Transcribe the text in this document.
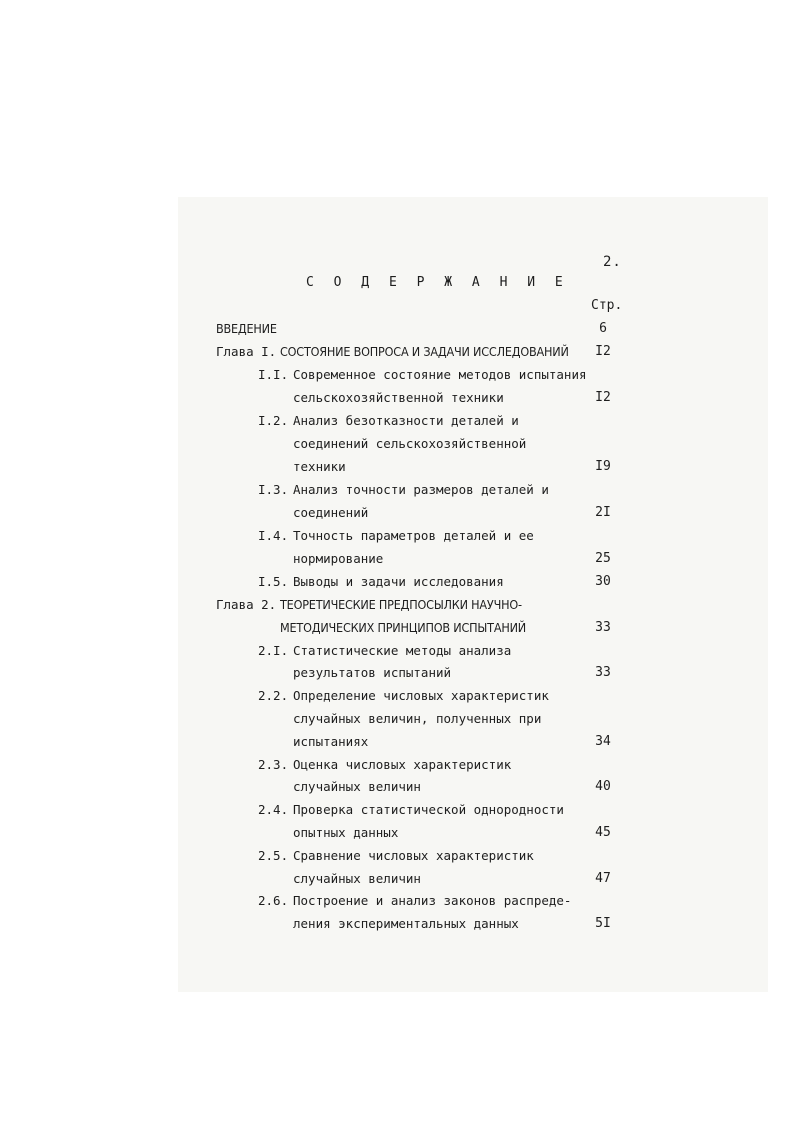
2.
С О Д Е Р Ж А Н И Е
Стр.
ВВЕДЕНИЕ	6
Глава I. СОСТОЯНИЕ ВОПРОСА И ЗАДАЧИ ИССЛЕДОВАНИЙ	I2
I.I. Современное состояние методов испытания
сельскохозяйственной техники	I2
I.2. Анализ безотказности деталей и
соединений сельскохозяйственной
техники	I9
I.3. Анализ точности размеров деталей и
соединений	2I
I.4. Точность параметров деталей и ее
нормирование	25
I.5. Выводы и задачи исследования	30
Глава 2. ТЕОРЕТИЧЕСКИЕ ПРЕДПОСЫЛКИ НАУЧНО-
МЕТОДИЧЕСКИХ ПРИНЦИПОВ ИСПЫТАНИЙ	33
2.I. Статистические методы анализа
результатов испытаний	33
2.2. Определение числовых характеристик
случайных величин, полученных при
испытаниях	34
2.3. Оценка числовых характеристик
случайных величин	40
2.4. Проверка статистической однородности
опытных данных	45
2.5. Сравнение числовых характеристик
случайных величин	47
2.6. Построение и анализ законов распреде-
ления экспериментальных данных	5I
